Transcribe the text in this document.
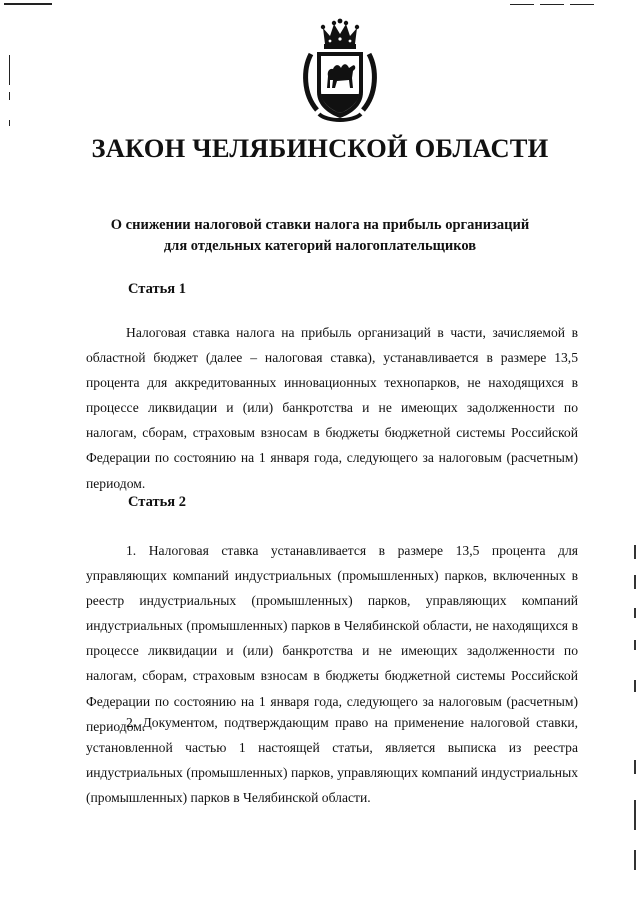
ЗАКОН ЧЕЛЯБИНСКОЙ ОБЛАСТИ
О снижении налоговой ставки налога на прибыль организаций
для отдельных категорий налогоплательщиков
Статья 1

Налоговая ставка налога на прибыль организаций в части, зачисляемой в областной бюджет (далее – налоговая ставка), устанавливается в размере 13,5 процента для аккредитованных инновационных технопарков, не находящихся в процессе ликвидации и (или) банкротства и не имеющих задолженности по налогам, сборам, страховым взносам в бюджеты бюджетной системы Российской Федерации по состоянию на 1 января года, следующего за налоговым (расчетным) периодом.

Статья 2

1. Налоговая ставка устанавливается в размере 13,5 процента для управляющих компаний индустриальных (промышленных) парков, включенных в реестр индустриальных (промышленных) парков, управляющих компаний индустриальных (промышленных) парков в Челябинской области, не находящихся в процессе ликвидации и (или) банкротства и не имеющих задолженности по налогам, сборам, страховым взносам в бюджеты бюджетной системы Российской Федерации по состоянию на 1 января года, следующего за налоговым (расчетным) периодом.

2. Документом, подтверждающим право на применение налоговой ставки, установленной частью 1 настоящей статьи, является выписка из реестра индустриальных (промышленных) парков, управляющих компаний индустриальных (промышленных) парков в Челябинской области.
